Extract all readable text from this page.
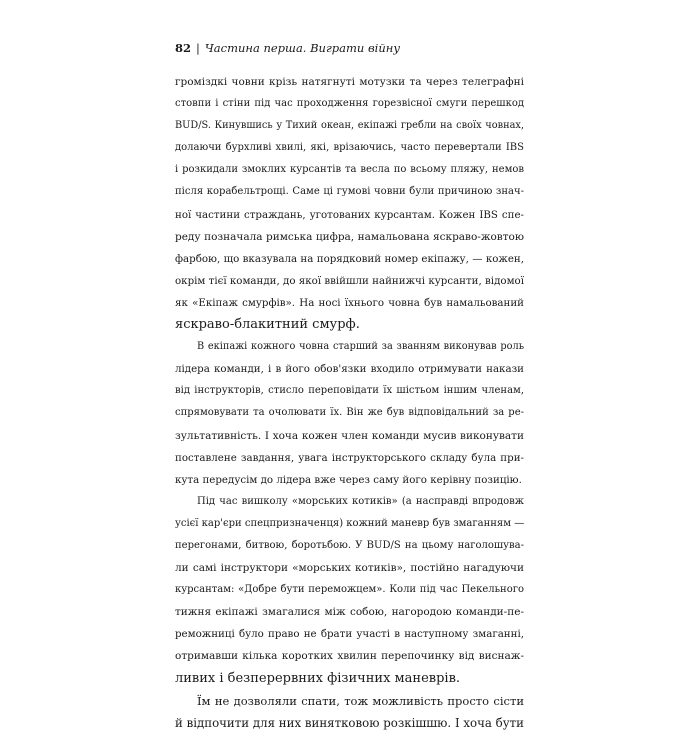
82 | Частина перша. Виграти війну
громіздкі човни крізь натягнуті мотузки та через телеграфні
стовпи і стіни під час проходження горезвісної смуги перешкод
BUD/S. Кинувшись у Тихий океан, екіпажі гребли на своїх човнах,
долаючи бурхливі хвилі, які, врізаючись, часто перевертали IBS
і розкидали змоклих курсантів та весла по всьому пляжу, немов
після корабельтрощі. Саме ці гумові човни були причиною знач-
ної частини страждань, уготованих курсантам. Кожен IBS спе-
реду позначала римська цифра, намальована яскраво-жовтою
фарбою, що вказувала на порядковий номер екіпажу, — кожен,
окрім тієї команди, до якої ввійшли найнижчі курсанти, відомої
як «Екіпаж смурфів». На носі їхнього човна був намальований
яскраво-блакитний смурф.
В екіпажі кожного човна старший за званням виконував роль
лідера команди, і в його обов'язки входило отримувати накази
від інструкторів, стисло переповідати їх шістьом іншим членам,
спрямовувати та очолювати їх. Він же був відповідальний за ре-
зультативність. І хоча кожен член команди мусив виконувати
поставлене завдання, увага інструкторського складу була при-
кута передусім до лідера вже через саму його керівну позицію.
Під час вишколу «морських котиків» (а насправді впродовж
усієї кар'єри спецпризначенця) кожний маневр був змаганням —
перегонами, битвою, боротьбою. У BUD/S на цьому наголошува-
ли самі інструктори «морських котиків», постійно нагадуючи
курсантам: «Добре бути переможцем». Коли під час Пекельного
тижня екіпажі змагалися між собою, нагородою команди-пе-
реможниці було право не брати участі в наступному змаганні,
отримавши кілька коротких хвилин перепочинку від виснаж-
ливих і безперервних фізичних маневрів.
Їм не дозволяли спати, тож можливість просто сісти
й відпочити для них винятковою розкішшю. І хоча бути
